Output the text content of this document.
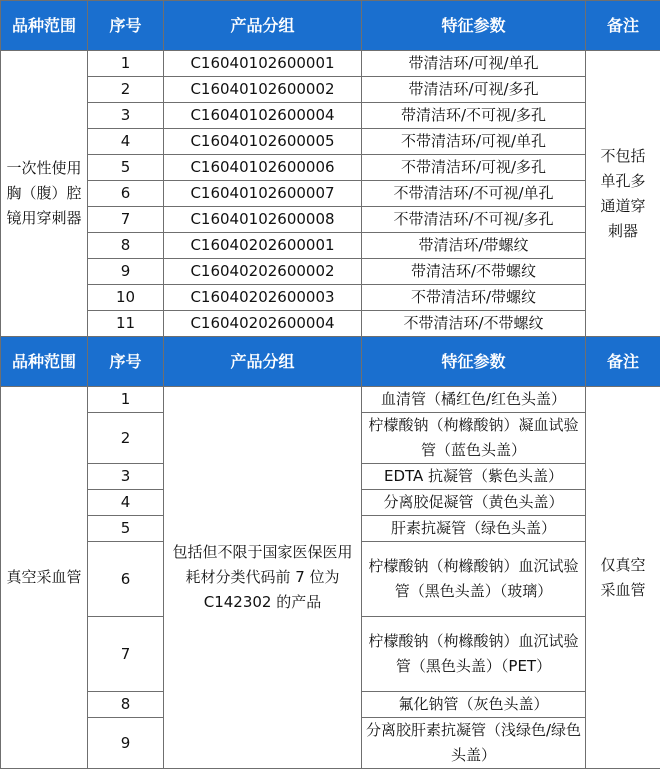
品种范围	序号	产品分组	特征参数	备注
一次性使用胸（腹）腔镜用穿刺器	1	C16040102600001	带清洁环/可视/单孔	不包括单孔多通道穿刺器
	2	C16040102600002	带清洁环/可视/多孔	
	3	C16040102600004	带清洁环/不可视/多孔	
	4	C16040102600005	不带清洁环/可视/单孔	
	5	C16040102600006	不带清洁环/可视/多孔	
	6	C16040102600007	不带清洁环/不可视/单孔	
	7	C16040102600008	不带清洁环/不可视/多孔	
	8	C16040202600001	带清洁环/带螺纹	
	9	C16040202600002	带清洁环/不带螺纹	
	10	C16040202600003	不带清洁环/带螺纹	
	11	C16040202600004	不带清洁环/不带螺纹	
品种范围	序号	产品分组	特征参数	备注
真空采血管	1	包括但不限于国家医保医用耗材分类代码前 7 位为 C142302 的产品	血清管（橘红色/红色头盖）	仅真空采血管
	2		柠檬酸钠（枸橼酸钠）凝血试验管（蓝色头盖）	
	3		EDTA 抗凝管（紫色头盖）	
	4		分离胶促凝管（黄色头盖）	
	5		肝素抗凝管（绿色头盖）	
	6		柠檬酸钠（枸橼酸钠）血沉试验管（黑色头盖）（玻璃）	
	7		柠檬酸钠（枸橼酸钠）血沉试验管（黑色头盖）（PET）	
	8		氟化钠管（灰色头盖）	
	9		分离胶肝素抗凝管（浅绿色/绿色头盖）	
